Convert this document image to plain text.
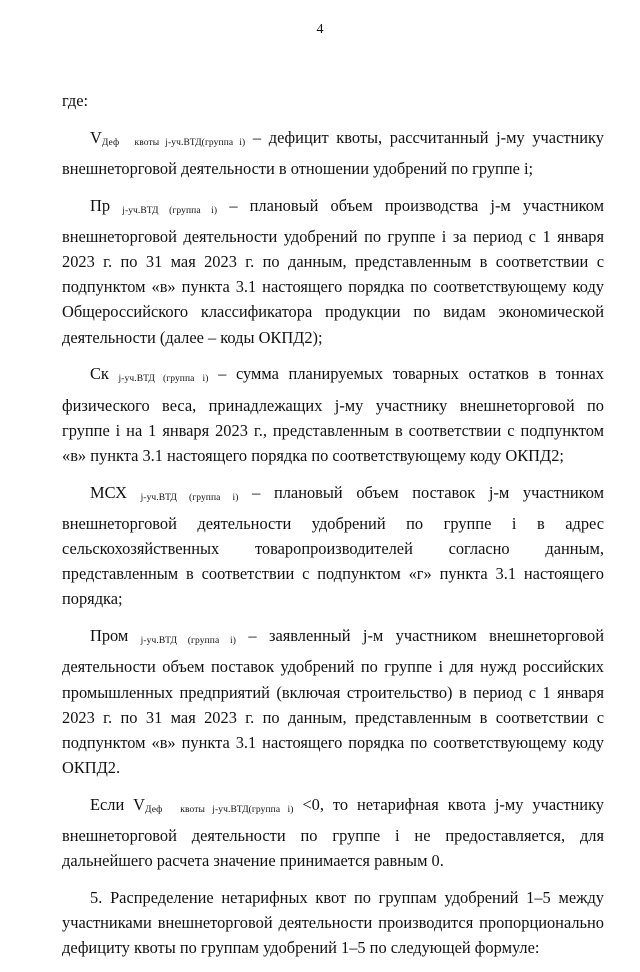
4

где:

$V_{Деф}$ $_{квоты j-уч.ВТД(группа i)}$ – дефицит квоты, рассчитанный j-му участнику внешнеторговой деятельности в отношении удобрений по группе i;

Пр $_{j-уч.ВТД (группа i)}$ – плановый объем производства j-м участником внешнеторговой деятельности удобрений по группе i за период с 1 января 2023 г. по 31 мая 2023 г. по данным, представленным в соответствии с подпунктом «в» пункта 3.1 настоящего порядка по соответствующему коду Общероссийского классификатора продукции по видам экономической деятельности (далее – коды ОКПД2);

Ск $_{j-уч.ВТД (группа i)}$ – сумма планируемых товарных остатков в тоннах физического веса, принадлежащих j-му участнику внешнеторговой по группе i на 1 января 2023 г., представленным в соответствии с подпунктом «в» пункта 3.1 настоящего порядка по соответствующему коду ОКПД2;

МСХ $_{j-уч.ВТД (группа i)}$ – плановый объем поставок j-м участником внешнеторговой деятельности удобрений по группе i в адрес сельскохозяйственных товаропроизводителей согласно данным, представленным в соответствии с подпунктом «г» пункта 3.1 настоящего порядка;

Пром $_{j-уч.ВТД (группа i)}$ – заявленный j-м участником внешнеторговой деятельности объем поставок удобрений по группе i для нужд российских промышленных предприятий (включая строительство) в период с 1 января 2023 г. по 31 мая 2023 г. по данным, представленным в соответствии с подпунктом «в» пункта 3.1 настоящего порядка по соответствующему коду ОКПД2.

Если $V_{Деф}$ $_{квоты j-уч.ВТД(группа i)}$ <0, то нетарифная квота j-му участнику внешнеторговой деятельности по группе i не предоставляется, для дальнейшего расчета значение принимается равным 0.

5. Распределение нетарифных квот по группам удобрений 1–5 между участниками внешнеторговой деятельности производится пропорционально дефициту квоты по группам удобрений 1–5 по следующей формуле:
